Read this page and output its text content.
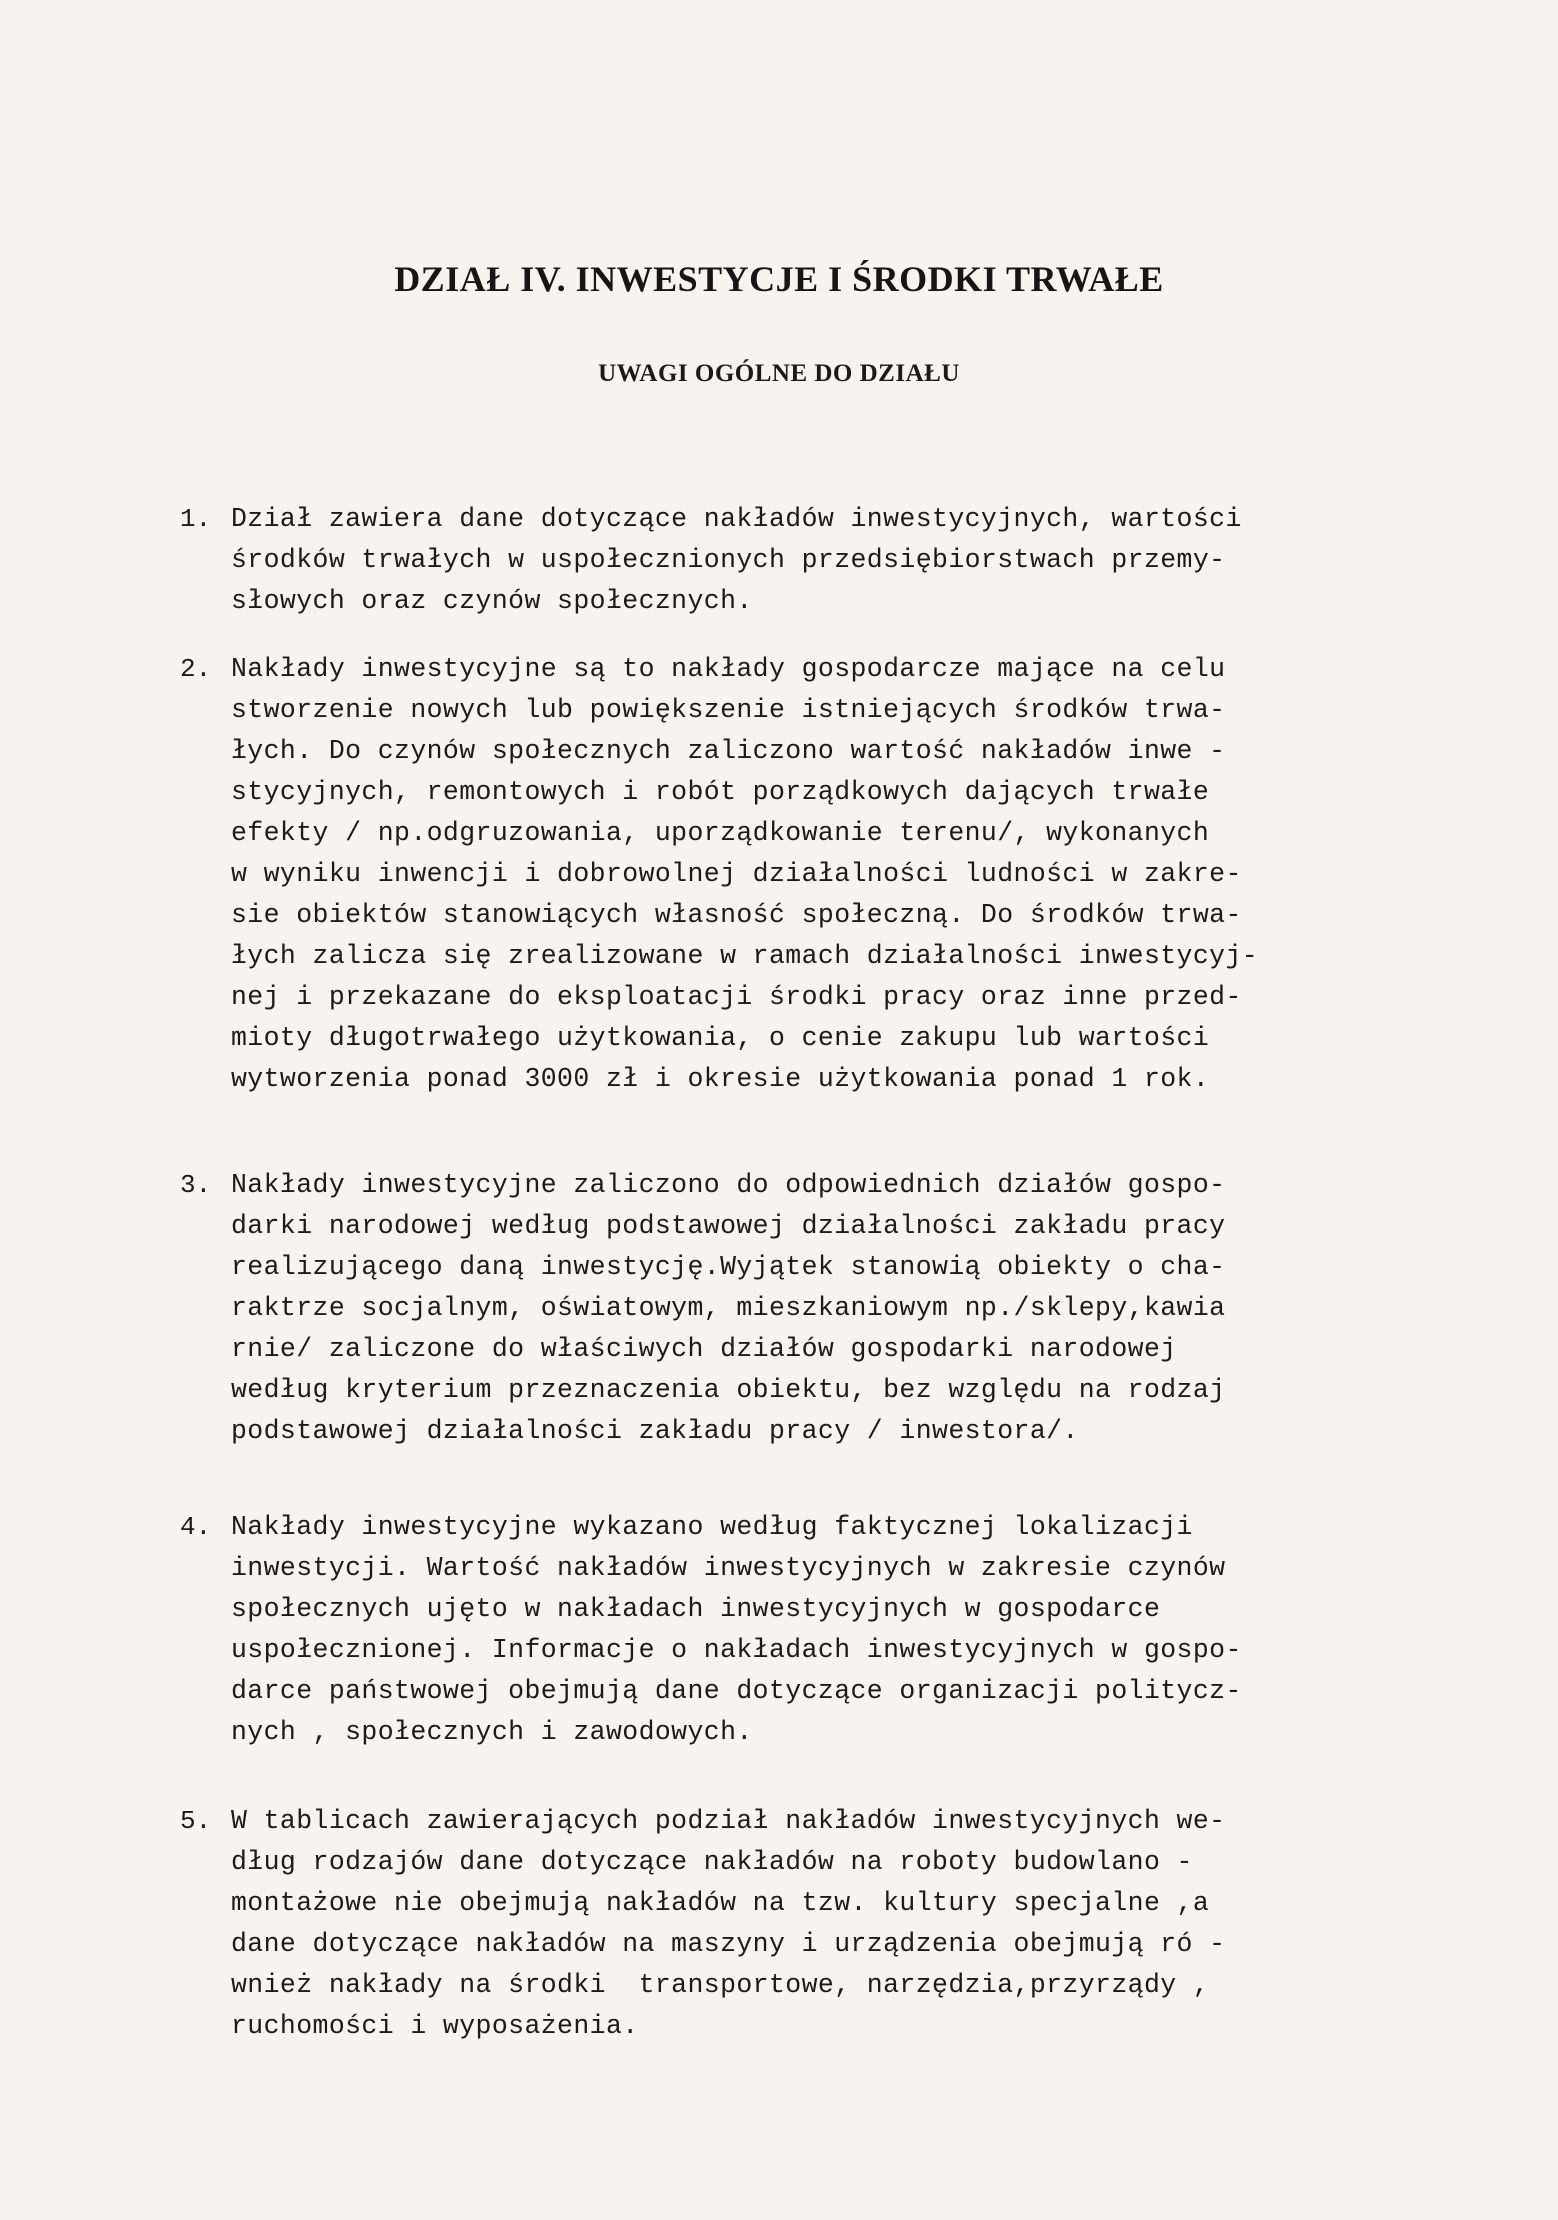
DZIAŁ IV. INWESTYCJE I ŚRODKI TRWAŁE
UWAGI OGÓLNE DO DZIAŁU
1. Dział zawiera dane dotyczące nakładów inwestycyjnych, wartości
środków trwałych w uspołecznionych przedsiębiorstwach przemy-
słowych oraz czynów społecznych.
2. Nakłady inwestycyjne są to nakłady gospodarcze mające na celu
stworzenie nowych lub powiększenie istniejących środków trwa-
łych. Do czynów społecznych zaliczono wartość nakładów inwe -
stycyjnych, remontowych i robót porządkowych dających trwałe
efekty / np.odgruzowania, uporządkowanie terenu/, wykonanych
w wyniku inwencji i dobrowolnej działalności ludności w zakre-
sie obiektów stanowiących własność społeczną. Do środków trwa-
łych zalicza się zrealizowane w ramach działalności inwestycyj-
nej i przekazane do eksploatacji środki pracy oraz inne przed-
mioty długotrwałego użytkowania, o cenie zakupu lub wartości
wytworzenia ponad 3000 zł i okresie użytkowania ponad 1 rok.
3. Nakłady inwestycyjne zaliczono do odpowiednich działów gospo-
darki narodowej według podstawowej działalności zakładu pracy
realizującego daną inwestycję.Wyjątek stanowią obiekty o cha-
raktrze socjalnym, oświatowym, mieszkaniowym np./sklepy,kawia
rnie/ zaliczone do właściwych działów gospodarki narodowej
według kryterium przeznaczenia obiektu, bez względu na rodzaj
podstawowej działalności zakładu pracy / inwestora/.
4. Nakłady inwestycyjne wykazano według faktycznej lokalizacji
inwestycji. Wartość nakładów inwestycyjnych w zakresie czynów
społecznych ujęto w nakładach inwestycyjnych w gospodarce
uspołecznionej. Informacje o nakładach inwestycyjnych w gospo-
darce państwowej obejmują dane dotyczące organizacji politycz-
nych , społecznych i zawodowych.
5. W tablicach zawierających podział nakładów inwestycyjnych we-
dług rodzajów dane dotyczące nakładów na roboty budowlano -
montażowe nie obejmują nakładów na tzw. kultury specjalne ,a
dane dotyczące nakładów na maszyny i urządzenia obejmują ró -
wnież nakłady na środki  transportowe, narzędzia,przyrządy ,
ruchomości i wyposażenia.
